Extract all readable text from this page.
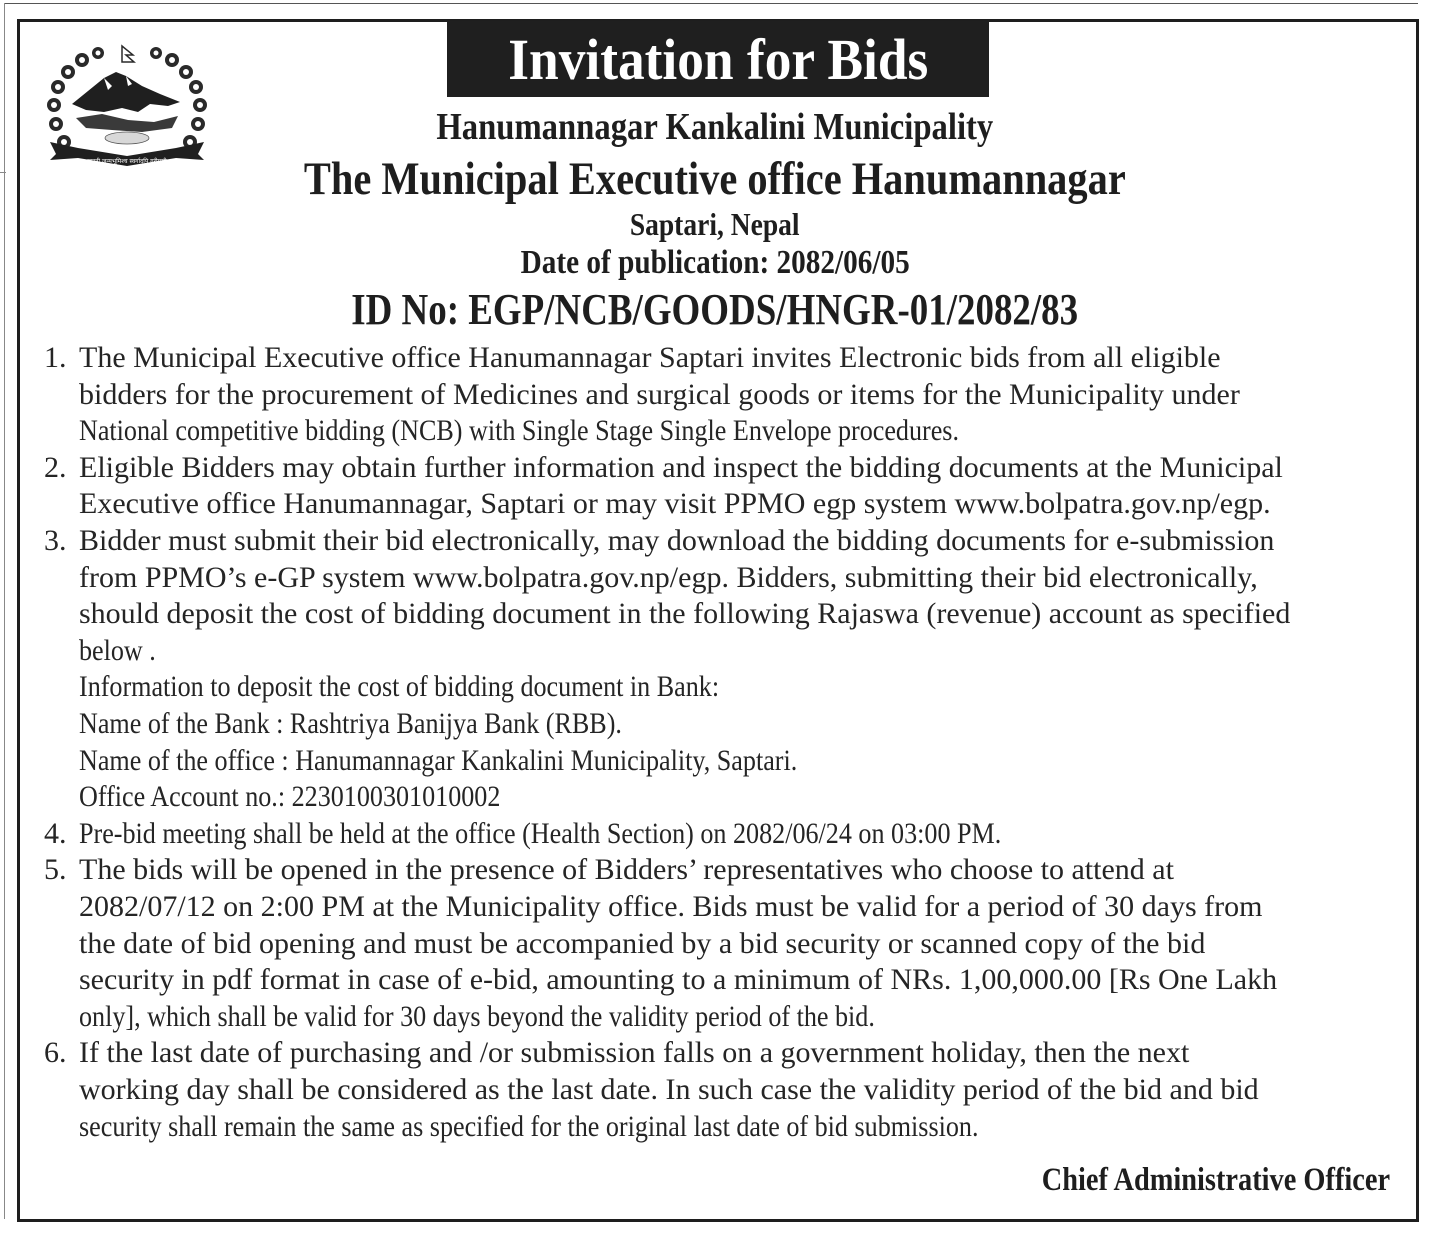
जननी जन्मभूमिश्च स्वर्गादपि गरीयसी
Invitation for Bids
Hanumannagar Kankalini Municipality
The Municipal Executive office Hanumannagar
Saptari, Nepal
Date of publication: 2082/06/05
ID No: EGP/NCB/GOODS/HNGR-01/2082/83
1. The Municipal Executive office Hanumannagar Saptari invites Electronic bids from all eligible
bidders for the procurement of Medicines and surgical goods or items for the Municipality under
National competitive bidding (NCB) with Single Stage Single Envelope procedures.
2. Eligible Bidders may obtain further information and inspect the bidding documents at the Municipal
Executive office Hanumannagar, Saptari or may visit PPMO egp system www.bolpatra.gov.np/egp.
3. Bidder must submit their bid electronically, may download the bidding documents for e-submission
from PPMO’s e-GP system www.bolpatra.gov.np/egp. Bidders, submitting their bid electronically,
should deposit the cost of bidding document in the following Rajaswa (revenue) account as specified
below .
Information to deposit the cost of bidding document in Bank:
Name of the Bank : Rashtriya Banijya Bank (RBB).
Name of the office : Hanumannagar Kankalini Municipality, Saptari.
Office Account no.: 2230100301010002
4. Pre-bid meeting shall be held at the office (Health Section) on 2082/06/24 on 03:00 PM.
5. The bids will be opened in the presence of Bidders’ representatives who choose to attend at
2082/07/12 on 2:00 PM at the Municipality office. Bids must be valid for a period of 30 days from
the date of bid opening and must be accompanied by a bid security or scanned copy of the bid
security in pdf format in case of e-bid, amounting to a minimum of NRs. 1,00,000.00 [Rs One Lakh
only], which shall be valid for 30 days beyond the validity period of the bid.
6. If the last date of purchasing and /or submission falls on a government holiday, then the next
working day shall be considered as the last date. In such case the validity period of the bid and bid
security shall remain the same as specified for the original last date of bid submission.
Chief Administrative Officer
